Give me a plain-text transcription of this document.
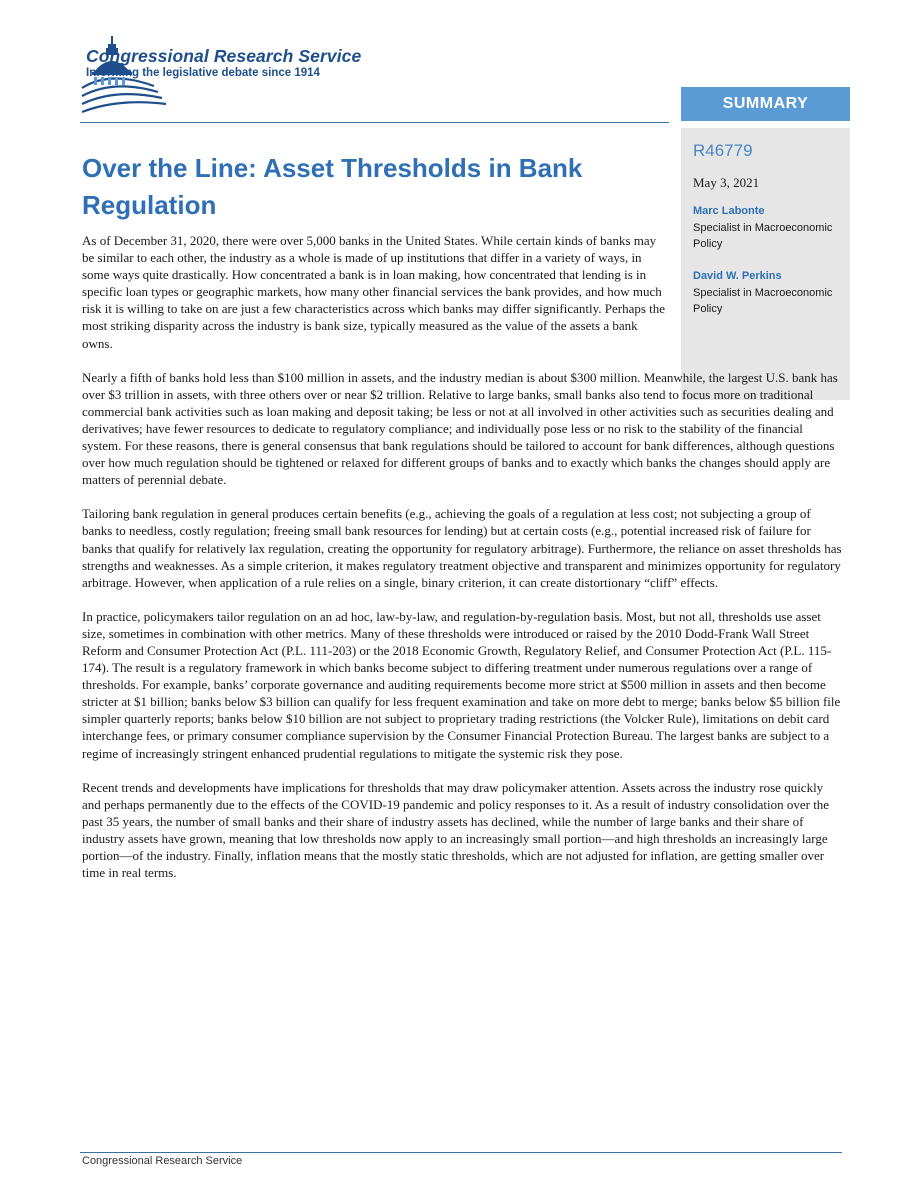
Congressional Research Service
Informing the legislative debate since 1914
SUMMARY
R46779
May 3, 2021
Marc Labonte
Specialist in Macroeconomic Policy
David W. Perkins
Specialist in Macroeconomic Policy
Over the Line: Asset Thresholds in Bank Regulation

As of December 31, 2020, there were over 5,000 banks in the United States. While certain kinds of banks may be similar to each other, the industry as a whole is made of up institutions that differ in a variety of ways, in some ways quite drastically. How concentrated a bank is in loan making, how concentrated that lending is in specific loan types or geographic markets, how many other financial services the bank provides, and how much risk it is willing to take on are just a few characteristics across which banks may differ significantly. Perhaps the most striking disparity across the industry is bank size, typically measured as the value of the assets a bank owns.

Nearly a fifth of banks hold less than $100 million in assets, and the industry median is about $300 million. Meanwhile, the largest U.S. bank has over $3 trillion in assets, with three others over or near $2 trillion. Relative to large banks, small banks also tend to focus more on traditional commercial bank activities such as loan making and deposit taking; be less or not at all involved in other activities such as securities dealing and derivatives; have fewer resources to dedicate to regulatory compliance; and individually pose less or no risk to the stability of the financial system. For these reasons, there is general consensus that bank regulations should be tailored to account for bank differences, although questions over how much regulation should be tightened or relaxed for different groups of banks and to exactly which banks the changes should apply are matters of perennial debate.

Tailoring bank regulation in general produces certain benefits (e.g., achieving the goals of a regulation at less cost; not subjecting a group of banks to needless, costly regulation; freeing small bank resources for lending) but at certain costs (e.g., potential increased risk of failure for banks that qualify for relatively lax regulation, creating the opportunity for regulatory arbitrage). Furthermore, the reliance on asset thresholds has strengths and weaknesses. As a simple criterion, it makes regulatory treatment objective and transparent and minimizes opportunity for regulatory arbitrage. However, when application of a rule relies on a single, binary criterion, it can create distortionary “cliff” effects.

In practice, policymakers tailor regulation on an ad hoc, law-by-law, and regulation-by-regulation basis. Most, but not all, thresholds use asset size, sometimes in combination with other metrics. Many of these thresholds were introduced or raised by the 2010 Dodd-Frank Wall Street Reform and Consumer Protection Act (P.L. 111-203) or the 2018 Economic Growth, Regulatory Relief, and Consumer Protection Act (P.L. 115-174). The result is a regulatory framework in which banks become subject to differing treatment under numerous regulations over a range of thresholds. For example, banks’ corporate governance and auditing requirements become more strict at $500 million in assets and then become stricter at $1 billion; banks below $3 billion can qualify for less frequent examination and take on more debt to merge; banks below $5 billion file simpler quarterly reports; banks below $10 billion are not subject to proprietary trading restrictions (the Volcker Rule), limitations on debit card interchange fees, or primary consumer compliance supervision by the Consumer Financial Protection Bureau. The largest banks are subject to a regime of increasingly stringent enhanced prudential regulations to mitigate the systemic risk they pose.

Recent trends and developments have implications for thresholds that may draw policymaker attention. Assets across the industry rose quickly and perhaps permanently due to the effects of the COVID-19 pandemic and policy responses to it. As a result of industry consolidation over the past 35 years, the number of small banks and their share of industry assets has declined, while the number of large banks and their share of industry assets have grown, meaning that low thresholds now apply to an increasingly small portion—and high thresholds an increasingly large portion—of the industry. Finally, inflation means that the mostly static thresholds, which are not adjusted for inflation, are getting smaller over time in real terms.

Congressional Research Service
